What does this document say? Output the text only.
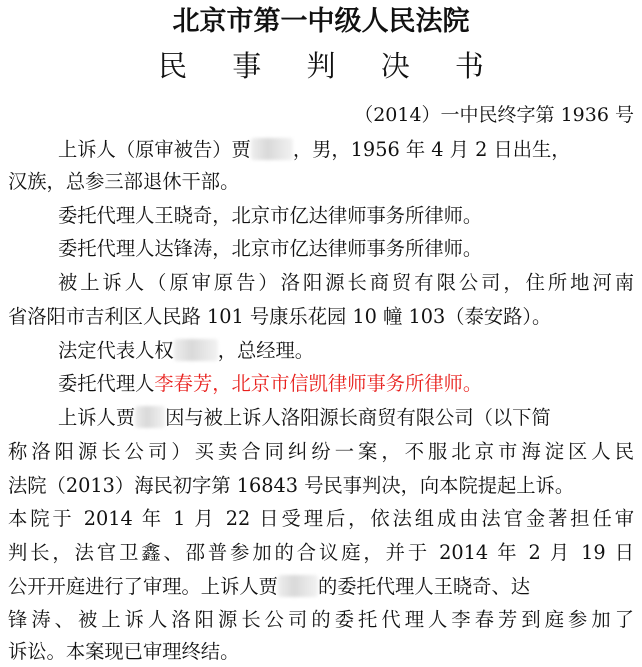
北京市第一中级人民法院
民 事 判 决 书
（2014）一中民终字第 1936 号
上诉人（原审被告）贾 ，男，1956 年 4 月 2 日出生，
汉族，总参三部退休干部。
委托代理人王晓奇，北京市亿达律师事务所律师。
委托代理人达锋涛，北京市亿达律师事务所律师。
被上诉人（原审原告）洛阳源长商贸有限公司，住所地河南
省洛阳市吉利区人民路 101 号康乐花园 10 幢 103（泰安路）。
法定代表人权 ，总经理。
委托代理人李春芳，北京市信凯律师事务所律师。
上诉人贾 因与被上诉人洛阳源长商贸有限公司（以下简
称洛阳源长公司）买卖合同纠纷一案，不服北京市海淀区人民
法院（2013）海民初字第 16843 号民事判决，向本院提起上诉。
本院于 2014 年 1 月 22 日受理后，依法组成由法官金著担任审
判长，法官卫鑫、邵普参加的合议庭，并于 2014 年 2 月 19 日
公开开庭进行了审理。上诉人贾 的委托代理人王晓奇、达
锋涛、被上诉人洛阳源长公司的委托代理人李春芳到庭参加了
诉讼。本案现已审理终结。
